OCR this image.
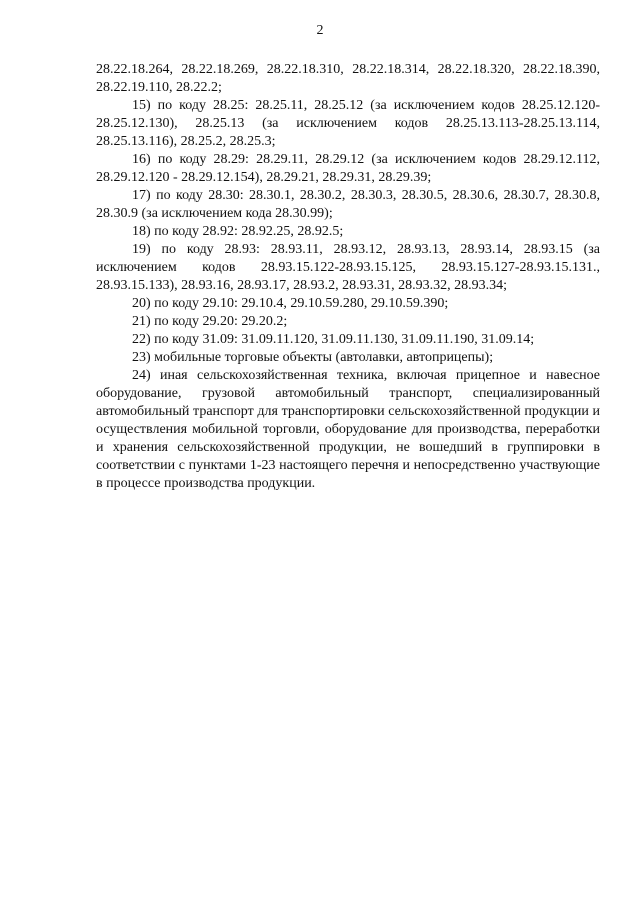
2

28.22.18.264, 28.22.18.269, 28.22.18.310, 28.22.18.314, 28.22.18.320, 28.22.18.390, 28.22.19.110, 28.22.2;

15) по коду 28.25: 28.25.11, 28.25.12 (за исключением кодов 28.25.12.120-28.25.12.130), 28.25.13 (за исключением кодов 28.25.13.113-28.25.13.114, 28.25.13.116), 28.25.2, 28.25.3;

16) по коду 28.29: 28.29.11, 28.29.12 (за исключением кодов 28.29.12.112, 28.29.12.120 - 28.29.12.154), 28.29.21, 28.29.31, 28.29.39;

17) по коду 28.30: 28.30.1, 28.30.2, 28.30.3, 28.30.5, 28.30.6, 28.30.7, 28.30.8, 28.30.9 (за исключением кода 28.30.99);

18) по коду 28.92: 28.92.25, 28.92.5;

19) по коду 28.93: 28.93.11, 28.93.12, 28.93.13, 28.93.14, 28.93.15 (за исключением кодов 28.93.15.122-28.93.15.125, 28.93.15.127-28.93.15.131., 28.93.15.133), 28.93.16, 28.93.17, 28.93.2, 28.93.31, 28.93.32, 28.93.34;

20) по коду 29.10: 29.10.4, 29.10.59.280, 29.10.59.390;

21) по коду 29.20: 29.20.2;

22) по коду 31.09: 31.09.11.120, 31.09.11.130, 31.09.11.190, 31.09.14;

23) мобильные торговые объекты (автолавки, автоприцепы);

24) иная сельскохозяйственная техника, включая прицепное и навесное оборудование, грузовой автомобильный транспорт, специализированный автомобильный транспорт для транспортировки сельскохозяйственной продукции и осуществления мобильной торговли, оборудование для производства, переработки и хранения сельскохозяйственной продукции, не вошедший в группировки в соответствии с пунктами 1-23 настоящего перечня и непосредственно участвующие в процессе производства продукции.
